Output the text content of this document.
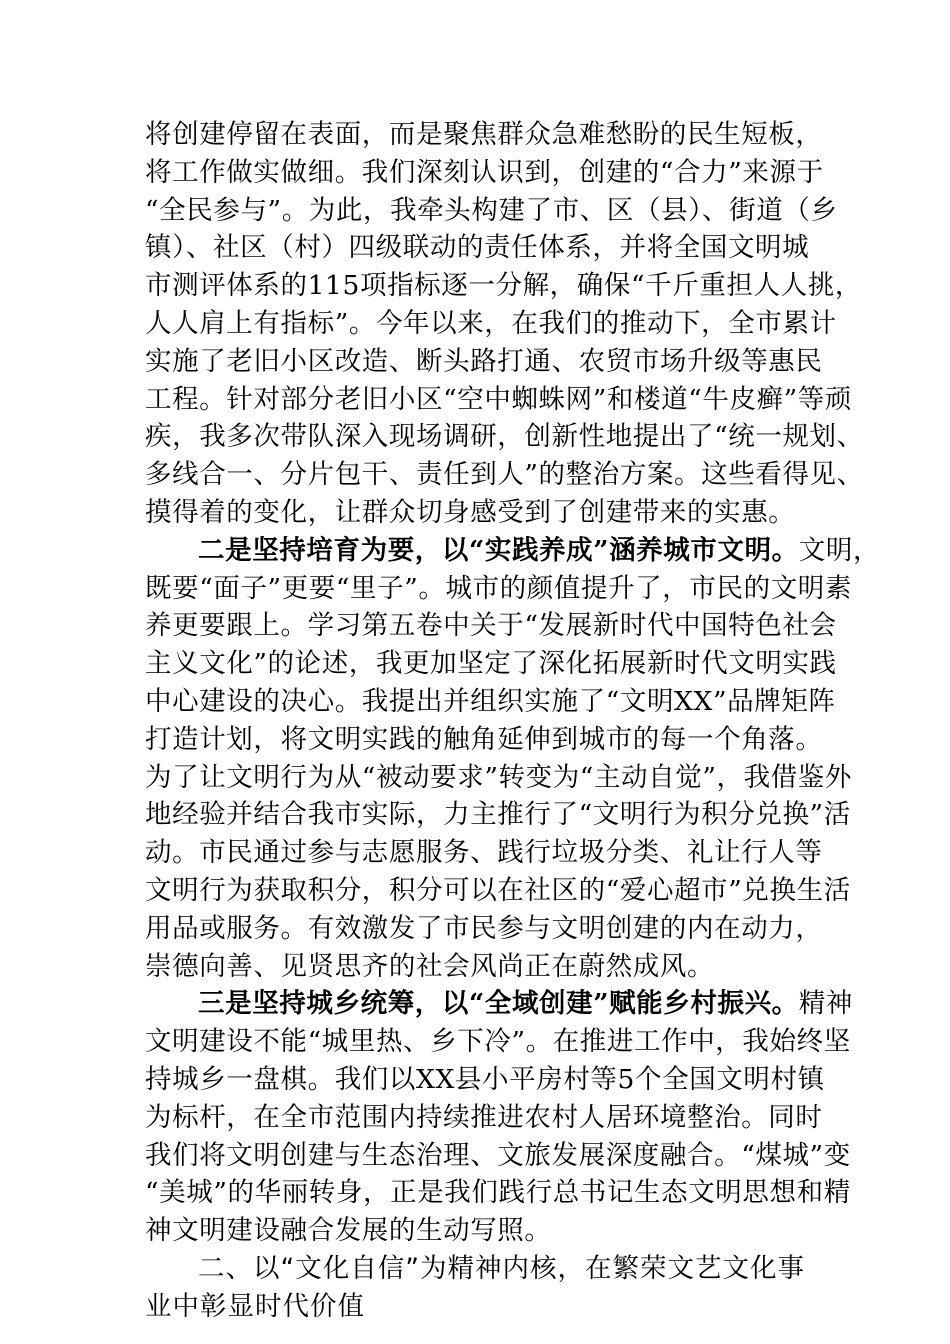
将创建停留在表面，而是聚焦群众急难愁盼的民生短板，
将工作做实做细。我们深刻认识到，创建的“合力”来源于
“全民参与”。为此，我牵头构建了市、区（县）、街道（乡
镇）、社区（村）四级联动的责任体系，并将全国文明城
市测评体系的115项指标逐一分解，确保“千斤重担人人挑，
人人肩上有指标”。今年以来，在我们的推动下，全市累计
实施了老旧小区改造、断头路打通、农贸市场升级等惠民
工程。针对部分老旧小区“空中蜘蛛网”和楼道“牛皮癣”等顽
疾，我多次带队深入现场调研，创新性地提出了“统一规划、
多线合一、分片包干、责任到人”的整治方案。这些看得见、
摸得着的变化，让群众切身感受到了创建带来的实惠。
二是坚持培育为要，以“实践养成”涵养城市文明。文明，
既要“面子”更要“里子”。城市的颜值提升了，市民的文明素
养更要跟上。学习第五卷中关于“发展新时代中国特色社会
主义文化”的论述，我更加坚定了深化拓展新时代文明实践
中心建设的决心。我提出并组织实施了“文明XX”品牌矩阵
打造计划，将文明实践的触角延伸到城市的每一个角落。
为了让文明行为从“被动要求”转变为“主动自觉”，我借鉴外
地经验并结合我市实际，力主推行了“文明行为积分兑换”活
动。市民通过参与志愿服务、践行垃圾分类、礼让行人等
文明行为获取积分，积分可以在社区的“爱心超市”兑换生活
用品或服务。有效激发了市民参与文明创建的内在动力，
崇德向善、见贤思齐的社会风尚正在蔚然成风。
三是坚持城乡统筹，以“全域创建”赋能乡村振兴。精神
文明建设不能“城里热、乡下冷”。在推进工作中，我始终坚
持城乡一盘棋。我们以XX县小平房村等5个全国文明村镇
为标杆，在全市范围内持续推进农村人居环境整治。同时
我们将文明创建与生态治理、文旅发展深度融合。“煤城”变
“美城”的华丽转身，正是我们践行总书记生态文明思想和精
神文明建设融合发展的生动写照。
二、以“文化自信”为精神内核，在繁荣文艺文化事
业中彰显时代价值
